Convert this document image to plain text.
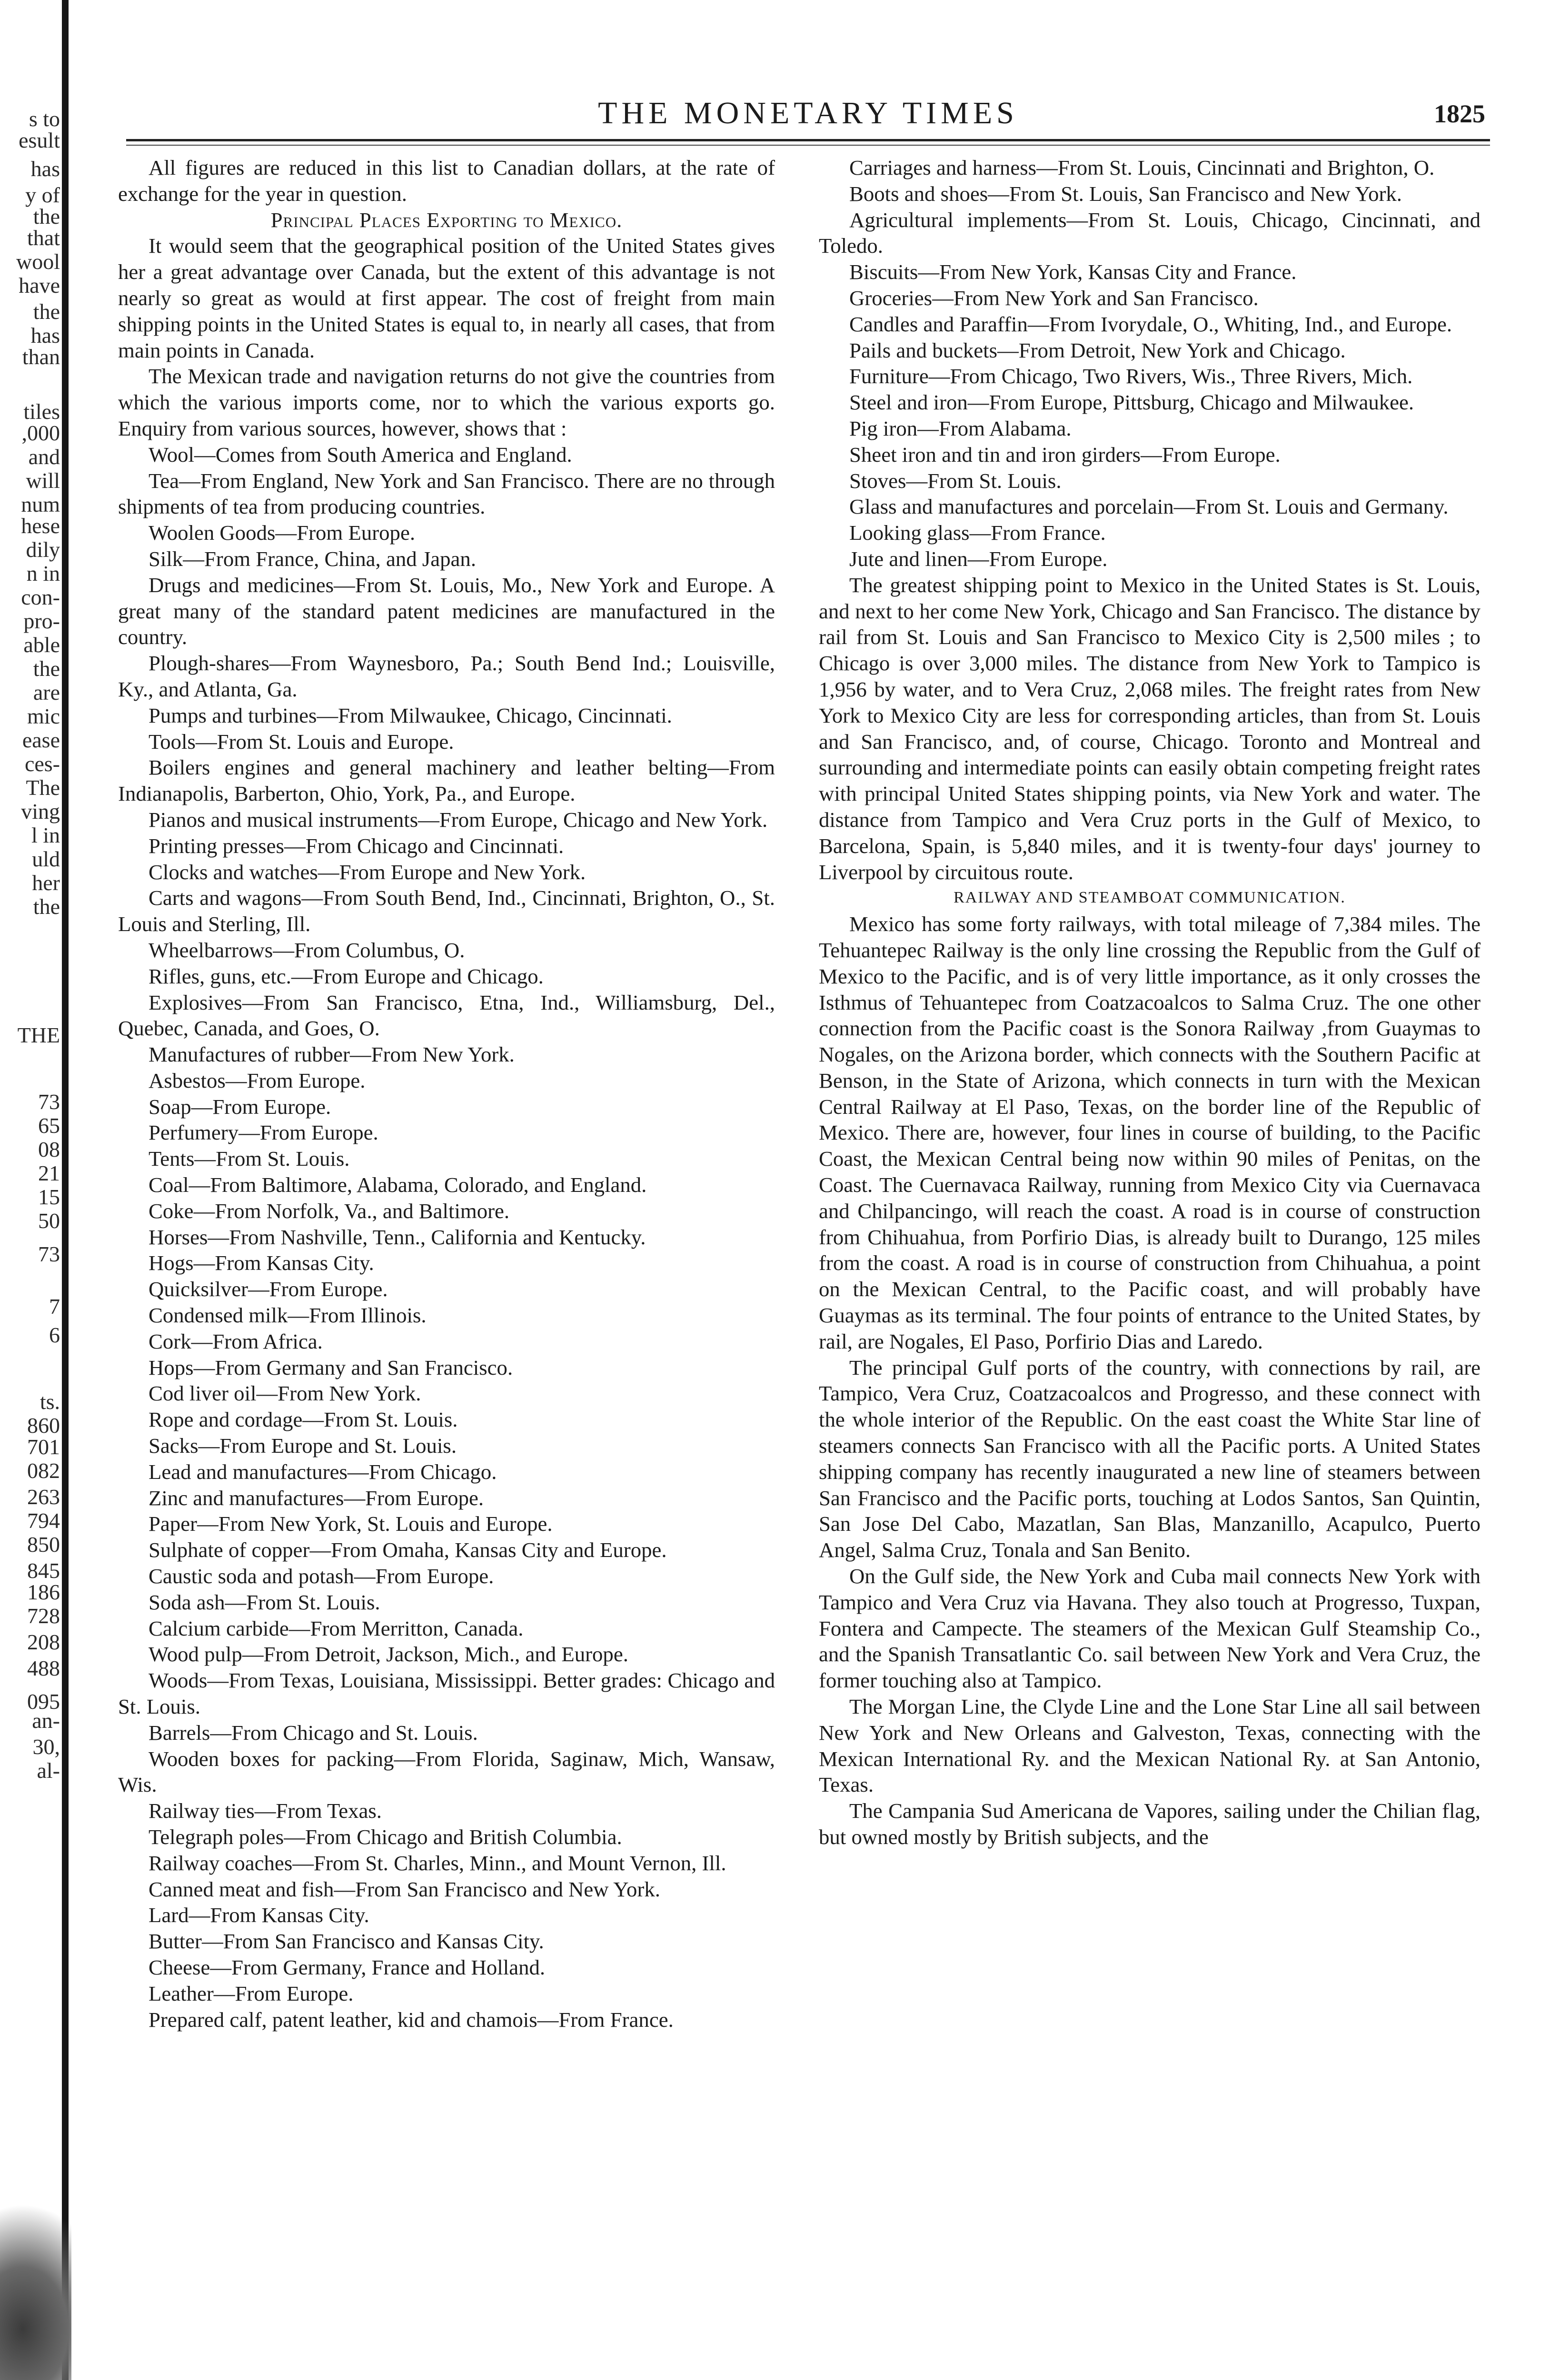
s to
esult
has
y of
the
that
wool
have
the
has
than
tiles
,000
and
will
num
hese
dily
n in
con-
pro-
able
the
are
mic
ease
ces-
The
ving
l in
uld
her
the
THE
73
65
08
21
15
50
73
7
6
ts.
860
701
082
263
794
850
845
186
728
208
488
095
an-
30,
al-
THE MONETARY TIMES	1825

All figures are reduced in this list to Canadian dollars, at the rate of exchange for the year in question.

Principal Places Exporting to Mexico.

It would seem that the geographical position of the United States gives her a great advantage over Canada, but the extent of this advantage is not nearly so great as would at first appear. The cost of freight from main shipping points in the United States is equal to, in nearly all cases, that from main points in Canada.

The Mexican trade and navigation returns do not give the countries from which the various imports come, nor to which the various exports go. Enquiry from various sources, however, shows that :

Wool—Comes from South America and England.

Tea—From England, New York and San Francisco. There are no through shipments of tea from producing countries.

Woolen Goods—From Europe.

Silk—From France, China, and Japan.

Drugs and medicines—From St. Louis, Mo., New York and Europe. A great many of the standard patent medicines are manufactured in the country.

Plough-shares—From Waynesboro, Pa.; South Bend Ind.; Louisville, Ky., and Atlanta, Ga.

Pumps and turbines—From Milwaukee, Chicago, Cincinnati.

Tools—From St. Louis and Europe.

Boilers engines and general machinery and leather belting—From Indianapolis, Barberton, Ohio, York, Pa., and Europe.

Pianos and musical instruments—From Europe, Chicago and New York.

Printing presses—From Chicago and Cincinnati.

Clocks and watches—From Europe and New York.

Carts and wagons—From South Bend, Ind., Cincinnati, Brighton, O., St. Louis and Sterling, Ill.

Wheelbarrows—From Columbus, O.

Rifles, guns, etc.—From Europe and Chicago.

Explosives—From San Francisco, Etna, Ind., Williamsburg, Del., Quebec, Canada, and Goes, O.

Manufactures of rubber—From New York.

Asbestos—From Europe.

Soap—From Europe.

Perfumery—From Europe.

Tents—From St. Louis.

Coal—From Baltimore, Alabama, Colorado, and England.

Coke—From Norfolk, Va., and Baltimore.

Horses—From Nashville, Tenn., California and Kentucky.

Hogs—From Kansas City.

Quicksilver—From Europe.

Condensed milk—From Illinois.

Cork—From Africa.

Hops—From Germany and San Francisco.

Cod liver oil—From New York.

Rope and cordage—From St. Louis.

Sacks—From Europe and St. Louis.

Lead and manufactures—From Chicago.

Zinc and manufactures—From Europe.

Paper—From New York, St. Louis and Europe.

Sulphate of copper—From Omaha, Kansas City and Europe.

Caustic soda and potash—From Europe.

Soda ash—From St. Louis.

Calcium carbide—From Merritton, Canada.

Wood pulp—From Detroit, Jackson, Mich., and Europe.

Woods—From Texas, Louisiana, Mississippi. Better grades: Chicago and St. Louis.

Barrels—From Chicago and St. Louis.

Wooden boxes for packing—From Florida, Saginaw, Mich, Wansaw, Wis.

Railway ties—From Texas.

Telegraph poles—From Chicago and British Columbia.

Railway coaches—From St. Charles, Minn., and Mount Vernon, Ill.

Canned meat and fish—From San Francisco and New York.

Lard—From Kansas City.

Butter—From San Francisco and Kansas City.

Cheese—From Germany, France and Holland.

Leather—From Europe.

Prepared calf, patent leather, kid and chamois—From France.

Carriages and harness—From St. Louis, Cincinnati and Brighton, O.

Boots and shoes—From St. Louis, San Francisco and New York.

Agricultural implements—From St. Louis, Chicago, Cincinnati, and Toledo.

Biscuits—From New York, Kansas City and France.

Groceries—From New York and San Francisco.

Candles and Paraffin—From Ivorydale, O., Whiting, Ind., and Europe.

Pails and buckets—From Detroit, New York and Chicago.

Furniture—From Chicago, Two Rivers, Wis., Three Rivers, Mich.

Steel and iron—From Europe, Pittsburg, Chicago and Milwaukee.

Pig iron—From Alabama.

Sheet iron and tin and iron girders—From Europe.

Stoves—From St. Louis.

Glass and manufactures and porcelain—From St. Louis and Germany.

Looking glass—From France.

Jute and linen—From Europe.

The greatest shipping point to Mexico in the United States is St. Louis, and next to her come New York, Chicago and San Francisco. The distance by rail from St. Louis and San Francisco to Mexico City is 2,500 miles ; to Chicago is over 3,000 miles. The distance from New York to Tampico is 1,956 by water, and to Vera Cruz, 2,068 miles. The freight rates from New York to Mexico City are less for corresponding articles, than from St. Louis and San Francisco, and, of course, Chicago. Toronto and Montreal and surrounding and intermediate points can easily obtain competing freight rates with principal United States shipping points, via New York and water. The distance from Tampico and Vera Cruz ports in the Gulf of Mexico, to Barcelona, Spain, is 5,840 miles, and it is twenty-four days' journey to Liverpool by circuitous route.

RAILWAY AND STEAMBOAT COMMUNICATION.

Mexico has some forty railways, with total mileage of 7,384 miles. The Tehuantepec Railway is the only line crossing the Republic from the Gulf of Mexico to the Pacific, and is of very little importance, as it only crosses the Isthmus of Tehuantepec from Coatzacoalcos to Salma Cruz. The one other connection from the Pacific coast is the Sonora Railway ,from Guaymas to Nogales, on the Arizona border, which connects with the Southern Pacific at Benson, in the State of Arizona, which connects in turn with the Mexican Central Railway at El Paso, Texas, on the border line of the Republic of Mexico. There are, however, four lines in course of building, to the Pacific Coast, the Mexican Central being now within 90 miles of Penitas, on the Coast. The Cuernavaca Railway, running from Mexico City via Cuernavaca and Chilpancingo, will reach the coast. A road is in course of construction from Chihuahua, from Porfirio Dias, is already built to Durango, 125 miles from the coast. A road is in course of construction from Chihuahua, a point on the Mexican Central, to the Pacific coast, and will probably have Guaymas as its terminal. The four points of entrance to the United States, by rail, are Nogales, El Paso, Porfirio Dias and Laredo.

The principal Gulf ports of the country, with connections by rail, are Tampico, Vera Cruz, Coatzacoalcos and Progresso, and these connect with the whole interior of the Republic. On the east coast the White Star line of steamers connects San Francisco with all the Pacific ports. A United States shipping company has recently inaugurated a new line of steamers between San Francisco and the Pacific ports, touching at Lodos Santos, San Quintin, San Jose Del Cabo, Mazatlan, San Blas, Manzanillo, Acapulco, Puerto Angel, Salma Cruz, Tonala and San Benito.

On the Gulf side, the New York and Cuba mail connects New York with Tampico and Vera Cruz via Havana. They also touch at Progresso, Tuxpan, Fontera and Campecte. The steamers of the Mexican Gulf Steamship Co., and the Spanish Transatlantic Co. sail between New York and Vera Cruz, the former touching also at Tampico.

The Morgan Line, the Clyde Line and the Lone Star Line all sail between New York and New Orleans and Galveston, Texas, connecting with the Mexican International Ry. and the Mexican National Ry. at San Antonio, Texas.

The Campania Sud Americana de Vapores, sailing under the Chilian flag, but owned mostly by British subjects, and the
